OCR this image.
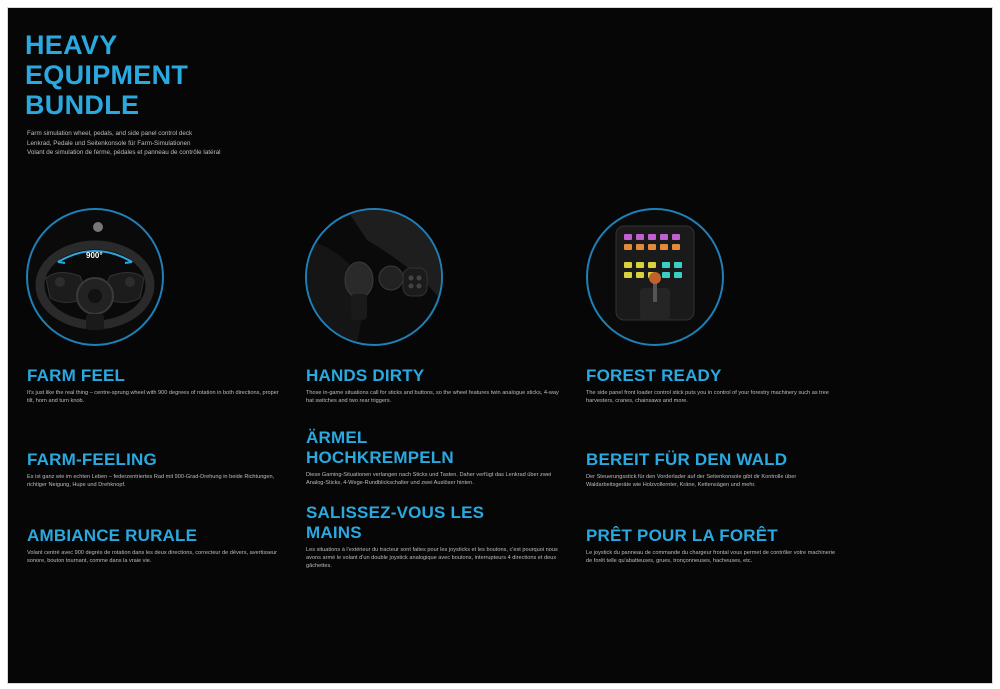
HEAVY
EQUIPMENT
BUNDLE
Farm simulation wheel, pedals, and side panel control deck
Lenkrad, Pedale und Seitenkonsole für Farm-Simulationen
Volant de simulation de ferme, pédales et panneau de contrôle latéral
900°
FARM FEEL

It's just like the real thing – centre-sprung wheel with 900 degrees of rotation in both directions, proper tilt, horn and turn knob.

FARM-FEELING

Es ist ganz wie im echten Leben – federzentriertes Rad mit 900-Grad-Drehung in beide Richtungen, richtiger Neigung, Hupe und Drehknopf.

AMBIANCE RURALE

Volant centré avec 900 degrés de rotation dans les deux directions, correcteur de dévers, avertisseur sonore, bouton tournant, comme dans la vraie vie.

HANDS DIRTY

Those in-game situations call for sticks and buttons, so the wheel features twin analogue sticks, 4-way hat switches and two rear triggers.

ÄRMEL
HOCHKREMPELN

Diese Gaming-Situationen verlangen nach Sticks und Tasten. Daher verfügt das Lenkrad über zwei Analog-Sticks, 4-Wege-Rundblickschalter und zwei Auslöser hinten.

SALISSEZ-VOUS LES
MAINS

Les situations à l'extérieur du tracteur sont faites pour les joysticks et les boutons, c'est pourquoi nous avons armé le volant d'un double joystick analogique avec boutons, interrupteurs 4 directions et deux gâchettes.

FOREST READY

The side panel front loader control stick puts you in control of your forestry machinery such as tree harvesters, cranes, chainsaws and more.

BEREIT FÜR DEN WALD

Der Steuerungsstick für den Vorderlader auf der Seitenkonsole gibt dir Kontrolle über Waldarbeitsgeräte wie Holzvollernter, Kräne, Kettensägen und mehr.

PRÊT POUR LA FORÊT

Le joystick du panneau de commande du chargeur frontal vous permet de contrôler votre machinerie de forêt telle qu'abatteuses, grues, tronçonneuses, hacheuses, etc.
